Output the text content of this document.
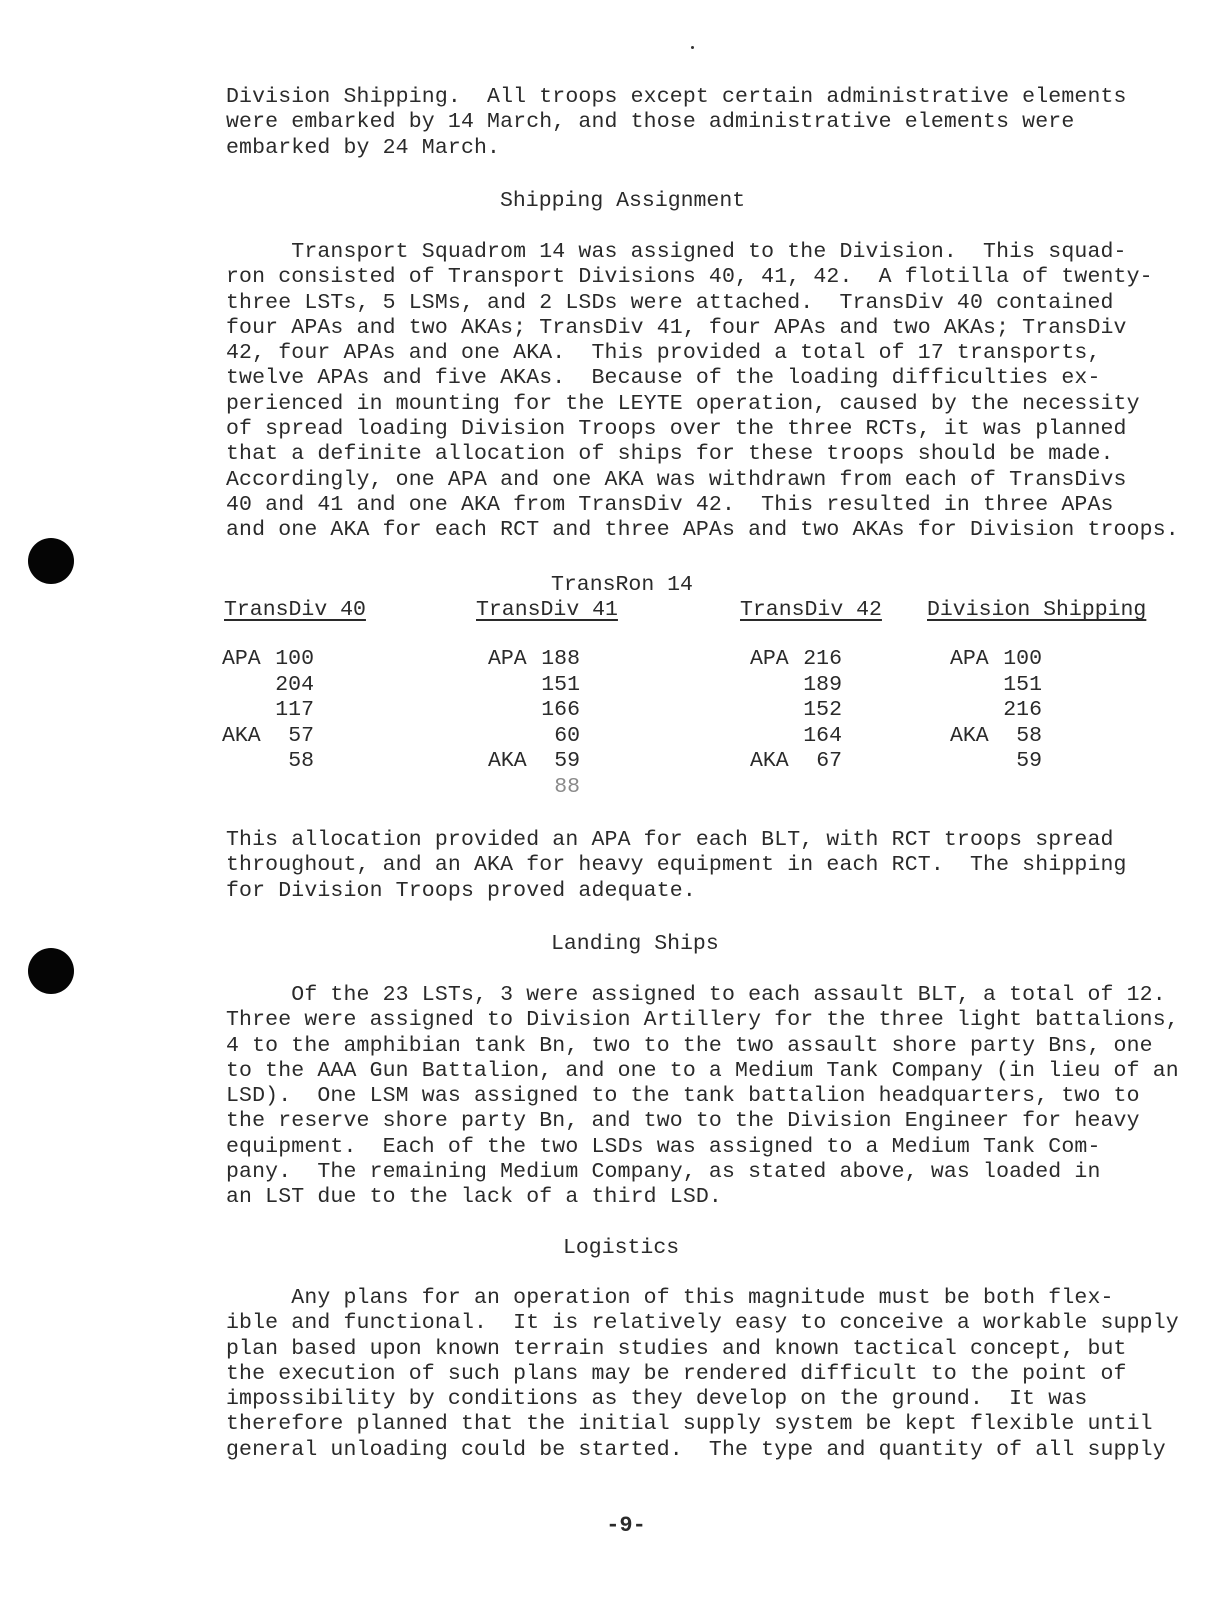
Division Shipping.  All troops except certain administrative elements
were embarked by 14 March, and those administrative elements were
embarked by 24 March.
Shipping Assignment
Transport Squadrom 14 was assigned to the Division.  This squad-
ron consisted of Transport Divisions 40, 41, 42.  A flotilla of twenty-
three LSTs, 5 LSMs, and 2 LSDs were attached.  TransDiv 40 contained
four APAs and two AKAs; TransDiv 41, four APAs and two AKAs; TransDiv
42, four APAs and one AKA.  This provided a total of 17 transports,
twelve APAs and five AKAs.  Because of the loading difficulties ex-
perienced in mounting for the LEYTE operation, caused by the necessity
of spread loading Division Troops over the three RCTs, it was planned
that a definite allocation of ships for these troops should be made.
Accordingly, one APA and one AKA was withdrawn from each of TransDivs
40 and 41 and one AKA from TransDiv 42.  This resulted in three APAs
and one AKA for each RCT and three APAs and two AKAs for Division troops.
TransRon 14
TransDiv 40	TransDiv 41	TransDiv 42 Division Shipping
APA 100
204
117
AKA 57
58
APA 188
151
166
60
AKA 59
88
APA 216
189
152
164
AKA 67
APA 100
151
216
AKA 58
59
This allocation provided an APA for each BLT, with RCT troops spread
throughout, and an AKA for heavy equipment in each RCT.  The shipping
for Division Troops proved adequate.
Landing Ships
Of the 23 LSTs, 3 were assigned to each assault BLT, a total of 12.
Three were assigned to Division Artillery for the three light battalions,
4 to the amphibian tank Bn, two to the two assault shore party Bns, one
to the AAA Gun Battalion, and one to a Medium Tank Company (in lieu of an
LSD).  One LSM was assigned to the tank battalion headquarters, two to
the reserve shore party Bn, and two to the Division Engineer for heavy
equipment.  Each of the two LSDs was assigned to a Medium Tank Com-
pany.  The remaining Medium Company, as stated above, was loaded in
an LST due to the lack of a third LSD.
Logistics
Any plans for an operation of this magnitude must be both flex-
ible and functional.  It is relatively easy to conceive a workable supply
plan based upon known terrain studies and known tactical concept, but
the execution of such plans may be rendered difficult to the point of
impossibility by conditions as they develop on the ground.  It was
therefore planned that the initial supply system be kept flexible until
general unloading could be started.  The type and quantity of all supply
-9-
